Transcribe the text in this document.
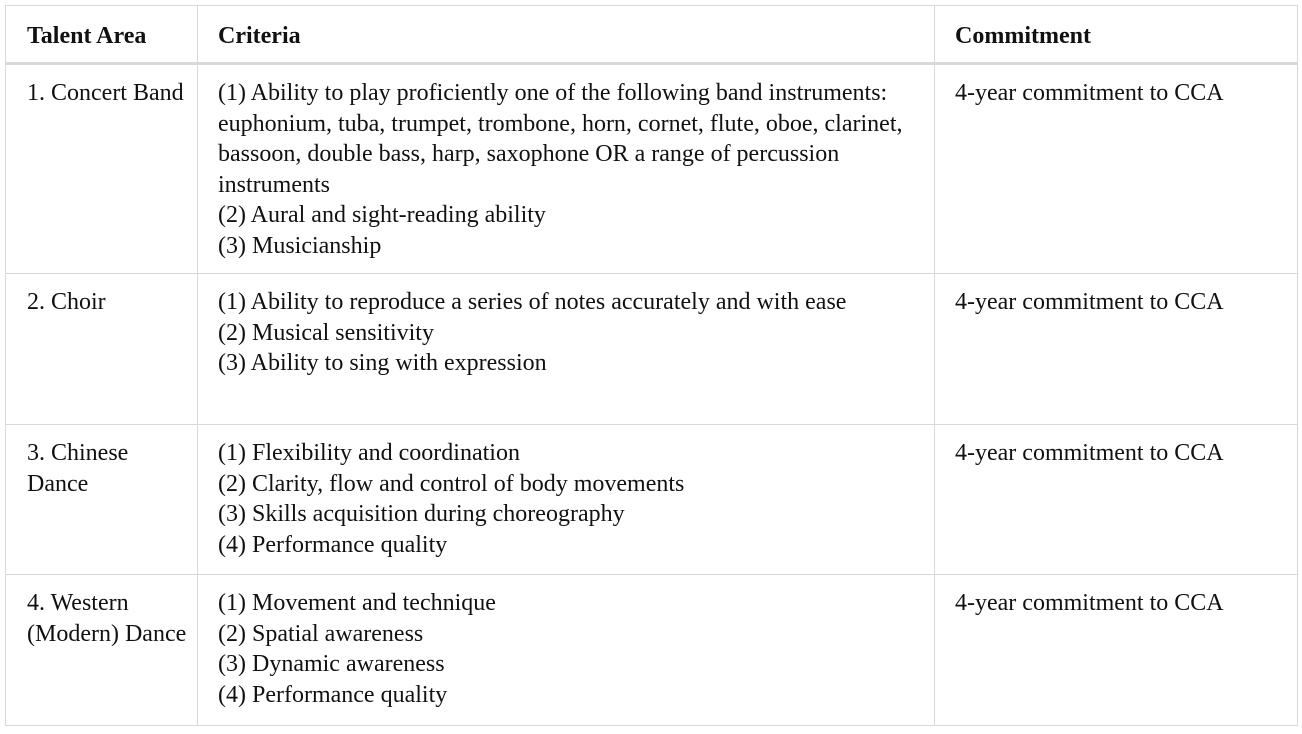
Talent Area	Criteria	Commitment
1. Concert Band	(1) Ability to play proficiently one of the following band instruments: euphonium, tuba, trumpet, trombone, horn, cornet, flute, oboe, clarinet, bassoon, double bass, harp, saxophone OR a range of percussion instruments
(2) Aural and sight-reading ability
(3) Musicianship	4-year commitment to CCA
2. Choir	(1) Ability to reproduce a series of notes accurately and with ease
(2) Musical sensitivity
(3) Ability to sing with expression	4-year commitment to CCA
3. Chinese Dance	(1) Flexibility and coordination
(2) Clarity, flow and control of body movements
(3) Skills acquisition during choreography
(4) Performance quality	4-year commitment to CCA
4. Western (Modern) Dance	(1) Movement and technique
(2) Spatial awareness
(3) Dynamic awareness
(4) Performance quality	4-year commitment to CCA
